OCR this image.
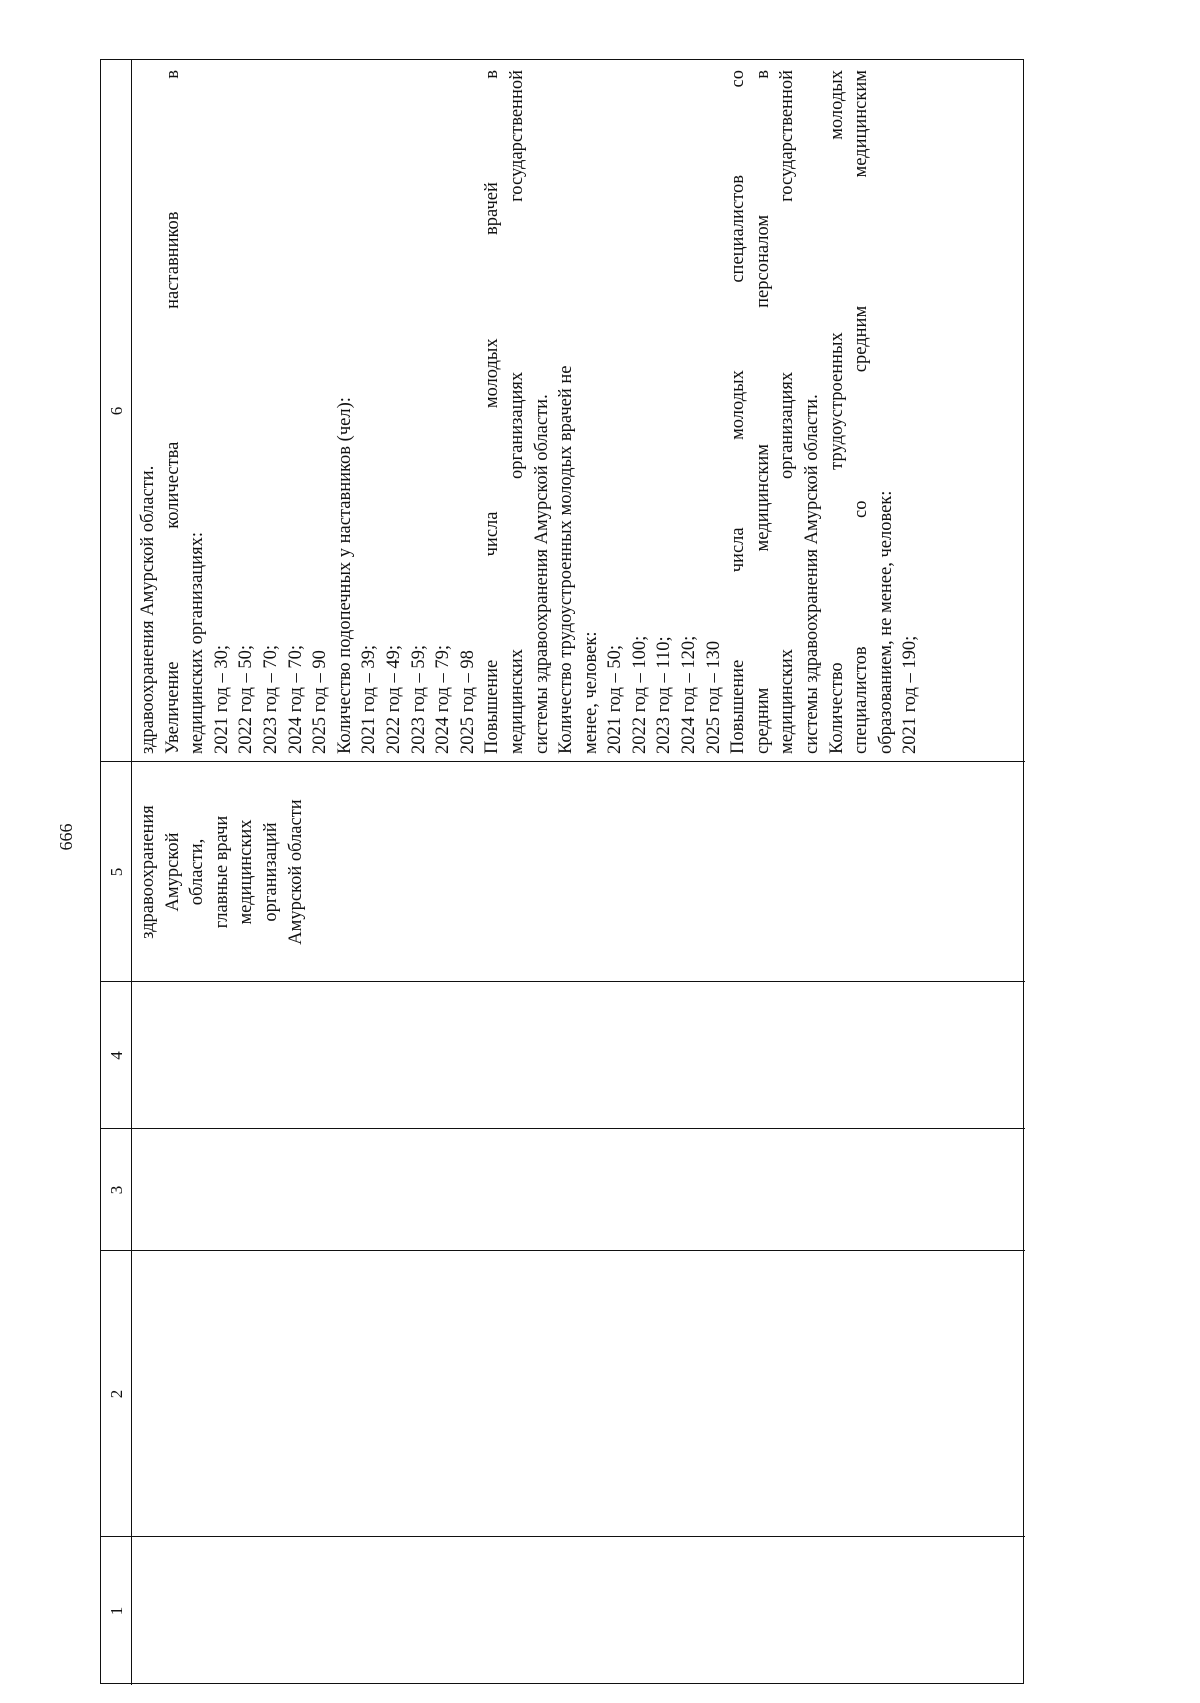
666
1
2
3
4
5
6
здравоохранения Амурской области, главные врачи медицинских организаций Амурской области
здравоохранения Амурской области. Увеличение
количества
наставников
в
медицинских организациях: 2021 год – 30; 2022 год – 50; 2023 год – 70; 2024 год – 70; 2025 год – 90 Количество подопечных у наставников (чел): 2021 год – 39; 2022 год – 49; 2023 год – 59; 2024 год – 79; 2025 год – 98 Повышение
числа
молодых
врачей
в
медицинских
организациях
государственной
системы здравоохранения Амурской области. Количество трудоустроенных молодых врачей не менее, человек: 2021 год – 50; 2022 год – 100; 2023 год – 110; 2024 год – 120; 2025 год – 130 Повышение
числа
молодых
специалистов
со
средним
медицинским
персоналом
в
медицинских
организациях
государственной
системы здравоохранения Амурской области. Количество
трудоустроенных
молодых
специалистов
со
средним
медицинским
образованием, не менее, человек: 2021 год – 190;
